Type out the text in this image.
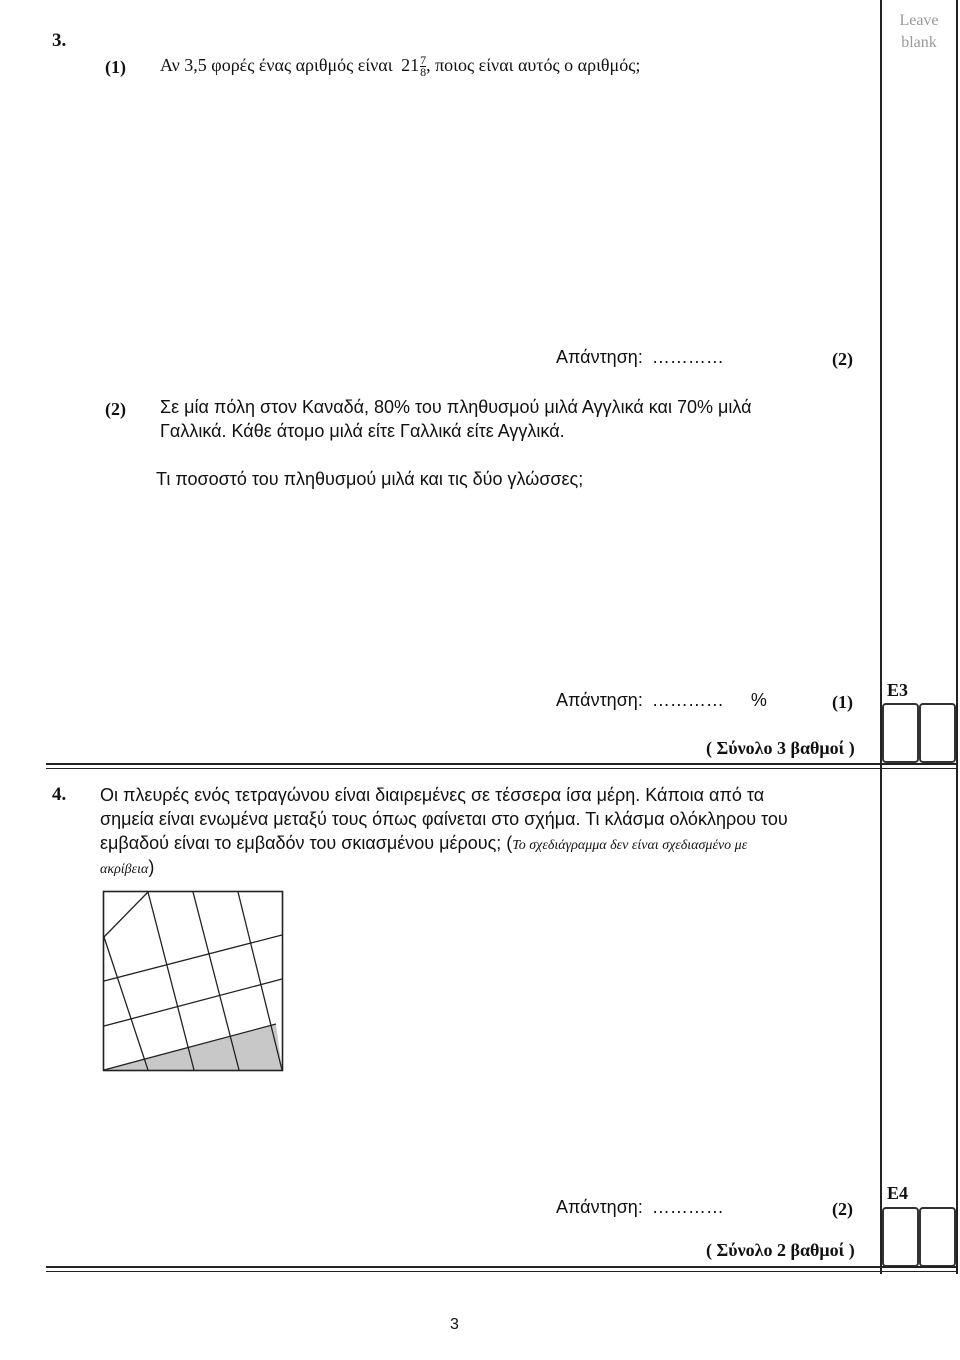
Leave blank
3.
(1) Αν 3,5 φορές ένας αριθμός είναι $21 \frac{7}{8}$ , ποιος είναι αυτός ο αριθμός;
Απάντηση: …………	(2)
(2) Σε μία πόλη στον Καναδά, 80% του πληθυσμού μιλά Αγγλικά και 70% μιλά
Γαλλικά. Κάθε άτομο μιλά είτε Γαλλικά είτε Αγγλικά.
Τι ποσοστό του πληθυσμού μιλά και τις δύο γλώσσες;
Απάντηση: ………… %	(1)
E3
( Σύνολο 3 βαθμοί )
4. Οι πλευρές ενός τετραγώνου είναι διαιρεμένες σε τέσσερα ίσα μέρη. Κάποια από τα
σημεία είναι ενωμένα μεταξύ τους όπως φαίνεται στο σχήμα. Τι κλάσμα ολόκληρου του
εμβαδού είναι το εμβαδόν του σκιασμένου μέρους; (Το σχεδιάγραμμα δεν είναι σχεδιασμένο με
ακρίβεια)
Απάντηση: …………	(2)
E4
( Σύνολο 2 βαθμοί )
3
